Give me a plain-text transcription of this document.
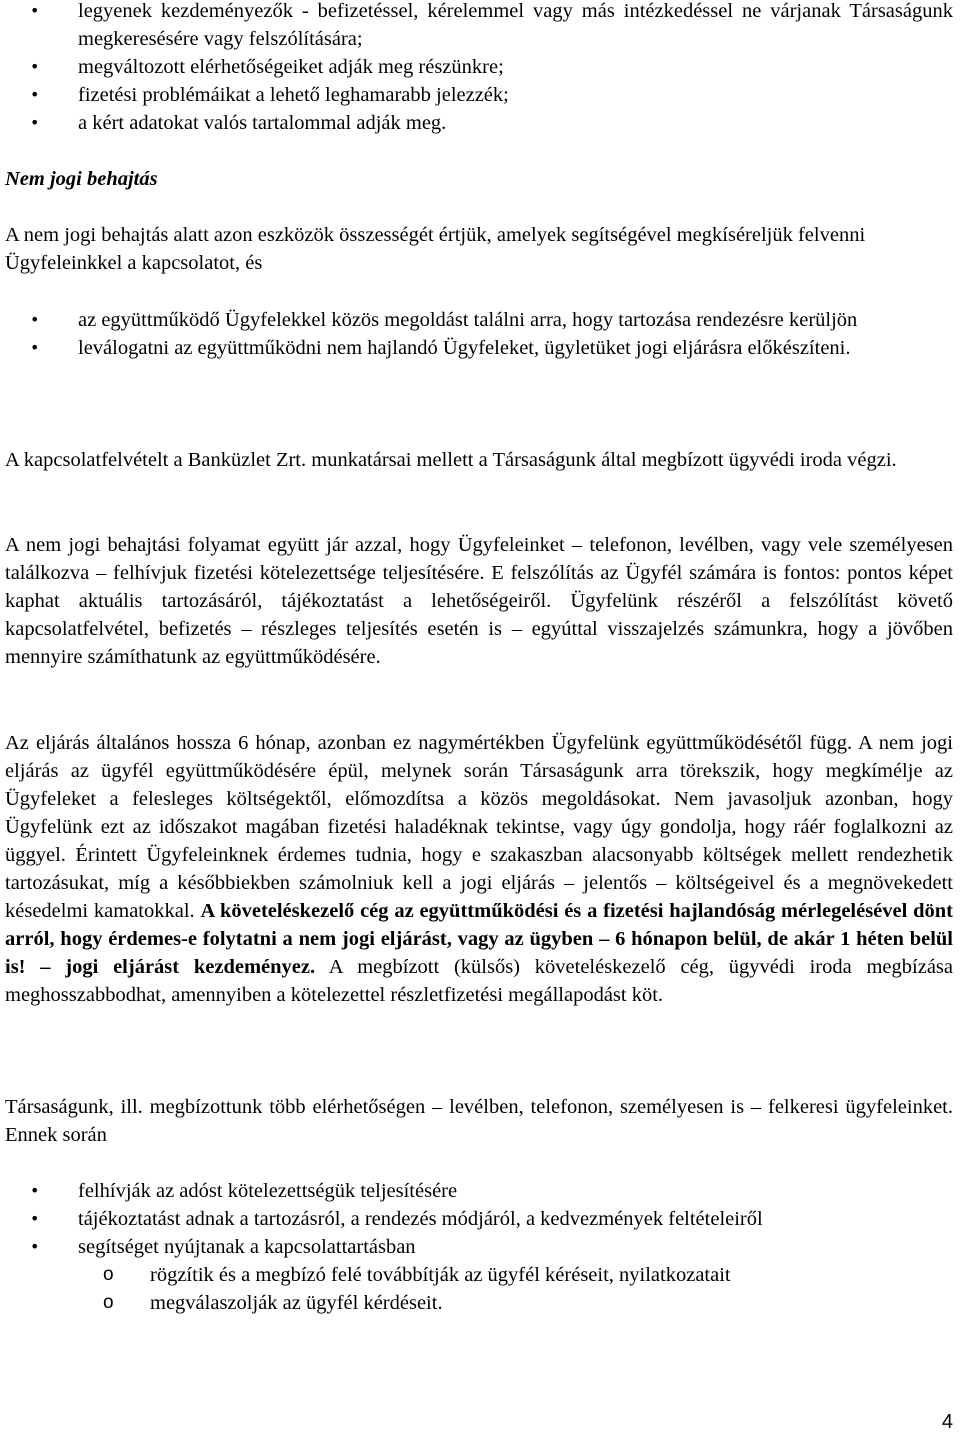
• legyenek kezdeményezők - befizetéssel, kérelemmel vagy más intézkedéssel ne várjanak Társaságunk megkeresésére vagy felszólítására;
• megváltozott elérhetőségeiket adják meg részünkre;
• fizetési problémáikat a lehető leghamarabb jelezzék;
• a kért adatokat valós tartalommal adják meg.

Nem jogi behajtás

A nem jogi behajtás alatt azon eszközök összességét értjük, amelyek segítségével megkíséreljük felvenni Ügyfeleinkkel a kapcsolatot, és

• az együttműködő Ügyfelekkel közös megoldást találni arra, hogy tartozása rendezésre kerüljön
• leválogatni az együttműködni nem hajlandó Ügyfeleket, ügyletüket jogi eljárásra előkészíteni.

A kapcsolatfelvételt a Banküzlet Zrt. munkatársai mellett a Társaságunk által megbízott ügyvédi iroda végzi.

A nem jogi behajtási folyamat együtt jár azzal, hogy Ügyfeleinket – telefonon, levélben, vagy vele személyesen találkozva – felhívjuk fizetési kötelezettsége teljesítésére. E felszólítás az Ügyfél számára is fontos: pontos képet kaphat aktuális tartozásáról, tájékoztatást a lehetőségeiről. Ügyfelünk részéről a felszólítást követő kapcsolatfelvétel, befizetés – részleges teljesítés esetén is – egyúttal visszajelzés számunkra, hogy a jövőben mennyire számíthatunk az együttműködésére.

Az eljárás általános hossza 6 hónap, azonban ez nagymértékben Ügyfelünk együttműködésétől függ. A nem jogi eljárás az ügyfél együttműködésére épül, melynek során Társaságunk arra törekszik, hogy megkímélje az Ügyfeleket a felesleges költségektől, előmozdítsa a közös megoldásokat. Nem javasoljuk azonban, hogy Ügyfelünk ezt az időszakot magában fizetési haladéknak tekintse, vagy úgy gondolja, hogy ráér foglalkozni az üggyel. Érintett Ügyfeleinknek érdemes tudnia, hogy e szakaszban alacsonyabb költségek mellett rendezhetik tartozásukat, míg a későbbiekben számolniuk kell a jogi eljárás – jelentős – költségeivel és a megnövekedett késedelmi kamatokkal. A követeléskezelő cég az együttműködési és a fizetési hajlandóság mérlegelésével dönt arról, hogy érdemes-e folytatni a nem jogi eljárást, vagy az ügyben – 6 hónapon belül, de akár 1 héten belül is! – jogi eljárást kezdeményez. A megbízott (külsős) követeléskezelő cég, ügyvédi iroda megbízása meghosszabbodhat, amennyiben a kötelezettel részletfizetési megállapodást köt.

Társaságunk, ill. megbízottunk több elérhetőségen – levélben, telefonon, személyesen is – felkeresi ügyfeleinket. Ennek során

• felhívják az adóst kötelezettségük teljesítésére
• tájékoztatást adnak a tartozásról, a rendezés módjáról, a kedvezmények feltételeiről
• segítséget nyújtanak a kapcsolattartásban
o rögzítik és a megbízó felé továbbítják az ügyfél kéréseit, nyilatkozatait
o megválaszolják az ügyfél kérdéseit.
4
